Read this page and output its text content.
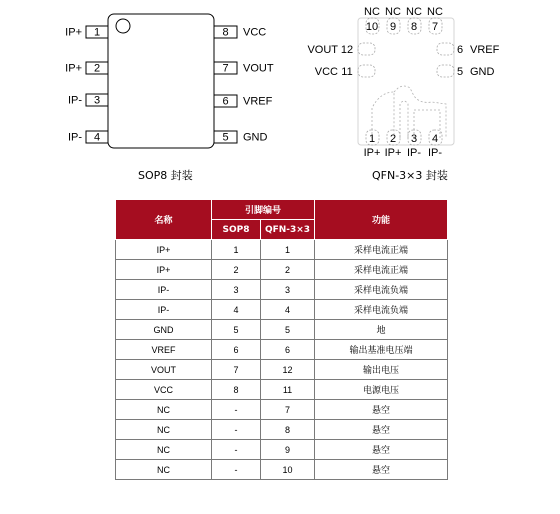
1
IP+
2
IP+
3
IP-
4
IP-
8 VCC
7 VOUT
6 VREF
5 GND
NC NC NC NC
10 9 8 7
12
11
VOUT
VCC
6
5
VREF
GND
1 2 3 4
IP+ IP+ IP- IP-
SOP8 封装	QFN-3×3 封装
名称	引脚编号		功能
	SOP8	QFN-3×3	
IP+	1	1	采样电流正端
IP+	2	2	采样电流正端
IP-	3	3	采样电流负端
IP-	4	4	采样电流负端
GND	5	5	地
VREF	6	6	输出基准电压端
VOUT	7	12	输出电压
VCC	8	11	电源电压
NC	-	7	悬空
NC	-	8	悬空
NC	-	9	悬空
NC	-	10	悬空
